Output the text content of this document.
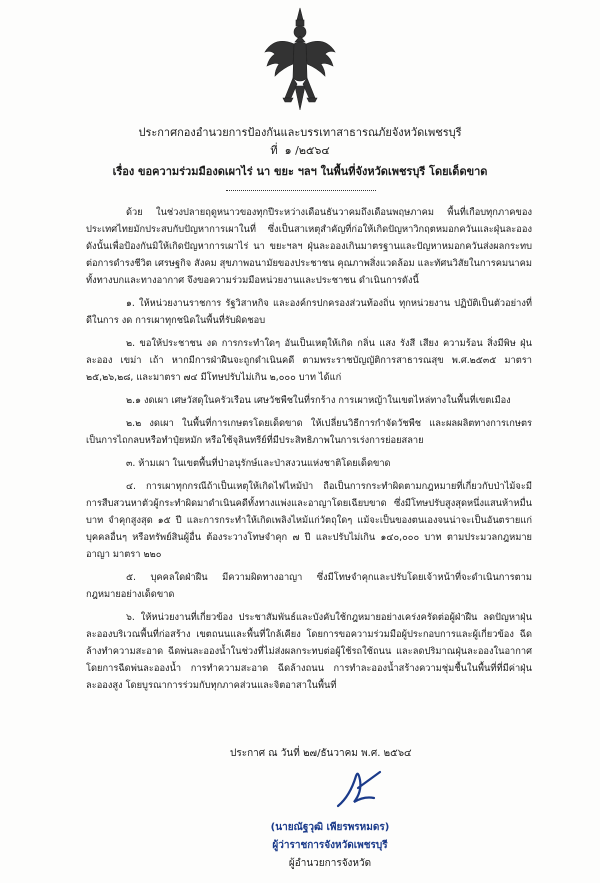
ประกาศกองอำนวยการป้องกันและบรรเทาสาธารณภัยจังหวัดเพชรบุรี
ที่ ๑ /๒๕๖๔
เรื่อง ขอความร่วมมืองดเผาไร่ นา ขยะ ฯลฯ ในพื้นที่จังหวัดเพชรบุรี โดยเด็ดขาด

ด้วย ในช่วงปลายฤดูหนาวของทุกปีระหว่างเดือนธันวาคมถึงเดือนพฤษภาคม พื้นที่เกือบทุกภาคของประเทศไทยมักประสบกับปัญหาการเผาในที่ ซึ่งเป็นสาเหตุสำคัญที่ก่อให้เกิดปัญหาวิกฤตหมอกควันและฝุ่นละออง ดังนั้นเพื่อป้องกันมิให้เกิดปัญหาการเผาไร่ นา ขยะฯลฯ ฝุ่นละอองเกินมาตรฐานและปัญหาหมอกควันส่งผลกระทบต่อการดำรงชีวิต เศรษฐกิจ สังคม สุขภาพอนามัยของประชาชน คุณภาพสิ่งแวดล้อม และทัศนวิสัยในการคมนาคมทั้งทางบกและทางอากาศ จึงขอความร่วมมือหน่วยงานและประชาชน ดำเนินการดังนี้

๑. ให้หน่วยงานราชการ รัฐวิสาหกิจ และองค์กรปกครองส่วนท้องถิ่น ทุกหน่วยงาน ปฏิบัติเป็นตัวอย่างที่ดีในการ งด การเผาทุกชนิดในพื้นที่รับผิดชอบ

๒. ขอให้ประชาชน งด การกระทำใดๆ อันเป็นเหตุให้เกิด กลิ่น แสง รังสี เสียง ความร้อน สิ่งมีพิษ ฝุ่นละออง เขม่า เถ้า หากมีการฝ่าฝืนจะถูกดำเนินคดี ตามพระราชบัญญัติการสาธารณสุข พ.ศ.๒๕๓๕ มาตรา ๒๕,๒๖,๒๘, และมาตรา ๗๔ มีโทษปรับไม่เกิน ๒,๐๐๐ บาท ได้แก่

๒.๑ งดเผา เศษวัสดุในครัวเรือน เศษวัชพืชในที่รกร้าง การเผาหญ้าในเขตไหล่ทางในพื้นที่เขตเมือง

๒.๒ งดเผา ในพื้นที่การเกษตรโดยเด็ดขาด ให้เปลี่ยนวิธีการกำจัดวัชพืช และผลผลิตทางการเกษตรเป็นการไถกลบหรือทำปุ๋ยหมัก หรือใช้จุลินทรีย์ที่มีประสิทธิภาพในการเร่งการย่อยสลาย

๓. ห้ามเผา ในเขตพื้นที่ป่าอนุรักษ์และป่าสงวนแห่งชาติโดยเด็ดขาด

๔. การเผาทุกกรณีถ้าเป็นเหตุให้เกิดไฟไหม้ป่า ถือเป็นการกระทำผิดตามกฎหมายที่เกี่ยวกับป่าไม้จะมีการสืบสวนหาตัวผู้กระทำผิดมาดำเนินคดีทั้งทางแพ่งและอาญาโดยเฉียบขาด ซึ่งมีโทษปรับสูงสุดหนึ่งแสนห้าหมื่นบาท จำคุกสูงสุด ๑๕ ปี และการกระทำให้เกิดเพลิงไหม้แก่วัตถุใดๆ แม้จะเป็นของตนเองจนน่าจะเป็นอันตรายแก่บุคคลอื่นๆ หรือทรัพย์สินผู้อื่น ต้องระวางโทษจำคุก ๗ ปี และปรับไม่เกิน ๑๔๐,๐๐๐ บาท ตามประมวลกฎหมายอาญา มาตรา ๒๒๐

๕. บุคคลใดฝ่าฝืน มีความผิดทางอาญา ซึ่งมีโทษจำคุกและปรับโดยเจ้าหน้าที่จะดำเนินการตามกฎหมายอย่างเด็ดขาด

๖. ให้หน่วยงานที่เกี่ยวข้อง ประชาสัมพันธ์และบังคับใช้กฎหมายอย่างเคร่งครัดต่อผู้ฝ่าฝืน ลดปัญหาฝุ่นละอองบริเวณพื้นที่ก่อสร้าง เขตถนนและพื้นที่ใกล้เคียง โดยการขอความร่วมมือผู้ประกอบการและผู้เกี่ยวข้อง ฉีดล้างทำความสะอาด ฉีดพ่นละอองน้ำในช่วงที่ไม่ส่งผลกระทบต่อผู้ใช้รถใช้ถนน และลดปริมาณฝุ่นละอองในอากาศ โดยการฉีดพ่นละอองน้ำ การทำความสะอาด ฉีดล้างถนน การทำละอองน้ำสร้างความชุ่มชื้นในพื้นที่ที่มีค่าฝุ่นละอองสูง โดยบูรณาการร่วมกับทุกภาคส่วนและจิตอาสาในพื้นที่

ประกาศ ณ วันที่ ๒๗/ธันวาคม พ.ศ. ๒๕๖๔
(นายณัฐวุฒิ เพียรพรหมดร)
ผู้ว่าราชการจังหวัดเพชรบุรี
ผู้อำนวยการจังหวัด
